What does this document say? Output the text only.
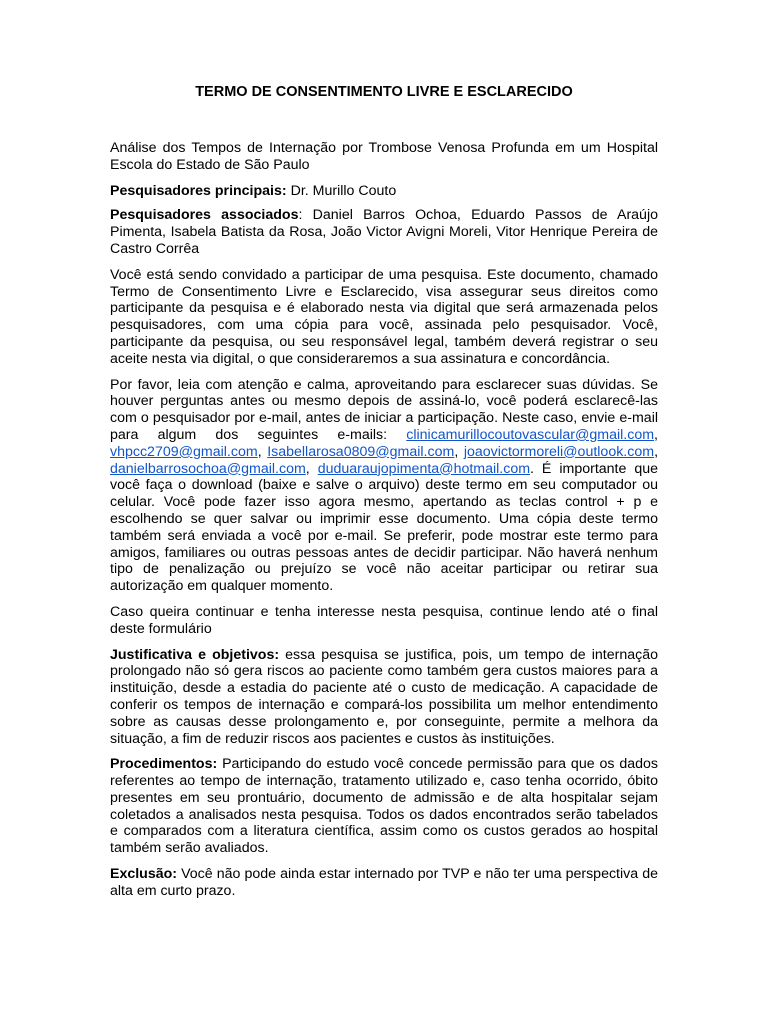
TERMO DE CONSENTIMENTO LIVRE E ESCLARECIDO

Análise dos Tempos de Internação por Trombose Venosa Profunda em um Hospital Escola do Estado de São Paulo

Pesquisadores principais: Dr. Murillo Couto

Pesquisadores associados: Daniel Barros Ochoa, Eduardo Passos de Araújo Pimenta, Isabela Batista da Rosa, João Victor Avigni Moreli, Vitor Henrique Pereira de Castro Corrêa

Você está sendo convidado a participar de uma pesquisa. Este documento, chamado Termo de Consentimento Livre e Esclarecido, visa assegurar seus direitos como participante da pesquisa e é elaborado nesta via digital que será armazenada pelos pesquisadores, com uma cópia para você, assinada pelo pesquisador. Você, participante da pesquisa, ou seu responsável legal, também deverá registrar o seu aceite nesta via digital, o que consideraremos a sua assinatura e concordância.

Por favor, leia com atenção e calma, aproveitando para esclarecer suas dúvidas. Se houver perguntas antes ou mesmo depois de assiná-lo, você poderá esclarecê-las com o pesquisador por e-mail, antes de iniciar a participação. Neste caso, envie e-mail para algum dos seguintes e-mails: clinicamurillocoutovascular@gmail.com, vhpcc2709@gmail.com, Isabellarosa0809@gmail.com, joaovictormoreli@outlook.com, danielbarrosochoa@gmail.com, duduaraujopimenta@hotmail.com. É importante que você faça o download (baixe e salve o arquivo) deste termo em seu computador ou celular. Você pode fazer isso agora mesmo, apertando as teclas control + p e escolhendo se quer salvar ou imprimir esse documento. Uma cópia deste termo também será enviada a você por e-mail. Se preferir, pode mostrar este termo para amigos, familiares ou outras pessoas antes de decidir participar. Não haverá nenhum tipo de penalização ou prejuízo se você não aceitar participar ou retirar sua autorização em qualquer momento.

Caso queira continuar e tenha interesse nesta pesquisa, continue lendo até o final deste formulário

Justificativa e objetivos: essa pesquisa se justifica, pois, um tempo de internação prolongado não só gera riscos ao paciente como também gera custos maiores para a instituição, desde a estadia do paciente até o custo de medicação. A capacidade de conferir os tempos de internação e compará-los possibilita um melhor entendimento sobre as causas desse prolongamento e, por conseguinte, permite a melhora da situação, a fim de reduzir riscos aos pacientes e custos às instituições.

Procedimentos: Participando do estudo você concede permissão para que os dados referentes ao tempo de internação, tratamento utilizado e, caso tenha ocorrido, óbito presentes em seu prontuário, documento de admissão e de alta hospitalar sejam coletados a analisados nesta pesquisa. Todos os dados encontrados serão tabelados e comparados com a literatura científica, assim como os custos gerados ao hospital também serão avaliados.

Exclusão: Você não pode ainda estar internado por TVP e não ter uma perspectiva de alta em curto prazo.
